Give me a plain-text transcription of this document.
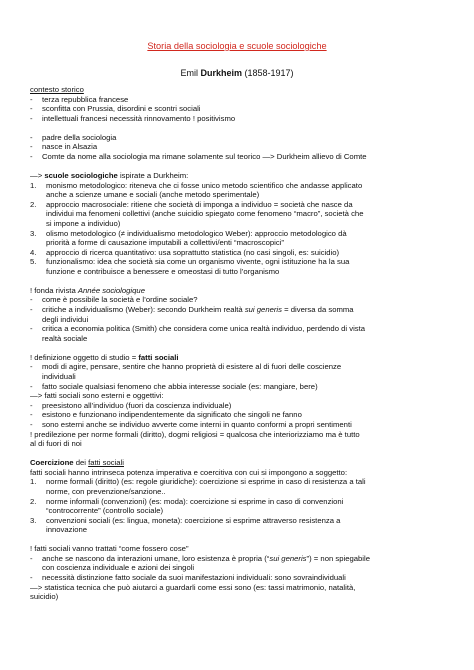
Storia della sociologia e scuole sociologiche
Emil Durkheim (1858-1917)

contesto storico

-	terza repubblica francese
-	sconfitta con Prussia, disordini e scontri sociali
-	intellettuali francesi necessità rinnovamento ! positivismo
-	padre della sociologia
-	nasce in Alsazia
-	Comte da nome alla sociologia ma rimane solamente sul teorico —> Durkheim allievo di Comte

—> scuole sociologiche ispirate a Durkheim:

1.	monismo metodologico: riteneva che ci fosse unico metodo scientifico che andasse applicato
anche a scienze umane e sociali (anche metodo sperimentale)
2.	approccio macrosociale: ritiene che società di imponga a individuo = società che nasce da
individui ma fenomeni collettivi (anche suicidio spiegato come fenomeno “macro”, società che
si impone a individuo)
3.	olismo metodologico (≠ individualismo metodologico Weber): approccio metodologico dà
priorità a forme di causazione imputabili a collettivi/enti “macroscopici”
4.	approccio di ricerca quantitativo: usa soprattutto statistica (no casi singoli, es: suicidio)
5.	funzionalismo: idea che società sia come un organismo vivente, ogni istituzione ha la sua
funzione e contribuisce a benessere e omeostasi di tutto l’organismo

! fonda rivista Année sociologique

-	come è possibile la società e l’ordine sociale?
-	critiche a individualismo (Weber): secondo Durkheim realtà sui generis = diversa da somma
degli individui
-	critica a economia politica (Smith) che considera come unica realtà individuo, perdendo di vista
realtà sociale

! definizione oggetto di studio = fatti sociali

-	modi di agire, pensare, sentire che hanno proprietà di esistere al di fuori delle coscienze
individuali
-	fatto sociale qualsiasi fenomeno che abbia interesse sociale (es: mangiare, bere)

—> fatti sociali sono esterni e oggettivi:

-	preesistono all’individuo (fuori da coscienza individuale)
-	esistono e funzionano indipendentemente da significato che singoli ne fanno
-	sono esterni anche se individuo avverte come interni in quanto conformi a propri sentimenti

! predilezione per norme formali (diritto), dogmi religiosi = qualcosa che interiorizziamo ma è tutto

al di fuori di noi

Coercizione dei fatti sociali

fatti sociali hanno intrinseca potenza imperativa e coercitiva con cui si impongono a soggetto:

1.	norme formali (diritto) (es: regole giuridiche): coercizione si esprime in caso di resistenza a tali
norme, con prevenzione/sanzione..
2.	norme informali (convenzioni) (es: moda): coercizione si esprime in caso di convenzioni
“controcorrente” (controllo sociale)
3.	convenzioni sociali (es: lingua, moneta): coercizione si esprime attraverso resistenza a
innovazione

! fatti sociali vanno trattati “come fossero cose”

-	anche se nascono da interazioni umane, loro esistenza è propria (“sui generis”) = non spiegabile
con coscienza individuale e azioni dei singoli
-	necessità distinzione fatto sociale da suoi manifestazioni individuali: sono sovraindividuali

—> statistica tecnica che può aiutarci a guardarli come essi sono (es: tassi matrimonio, natalità,
suicidio)
